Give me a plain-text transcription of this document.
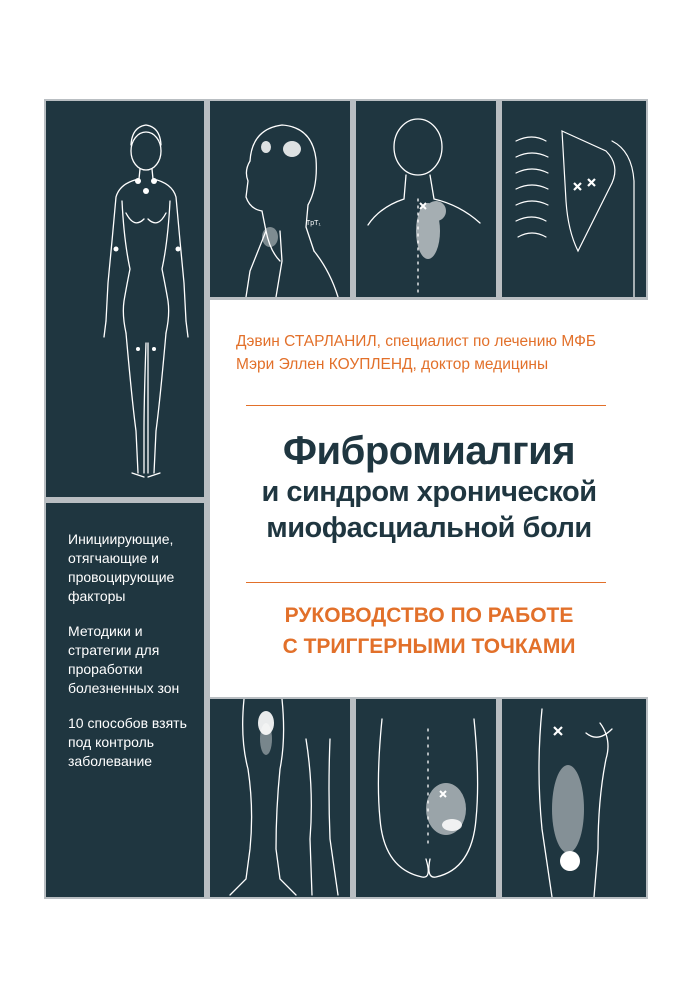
TpT₁
Дэвин СТАРЛАНИЛ, специалист по лечению МФБ
Мэри Эллен КОУПЛЕНД, доктор медицины
Фибромиалгия
и синдром хронической
миофасциальной боли
РУКОВОДСТВО ПО РАБОТЕ
С ТРИГГЕРНЫМИ ТОЧКАМИ

Инициирующие, отягчающие и провоцирующие факторы

Методики и стратегии для проработки болезненных зон

10 способов взять под контроль заболевание
